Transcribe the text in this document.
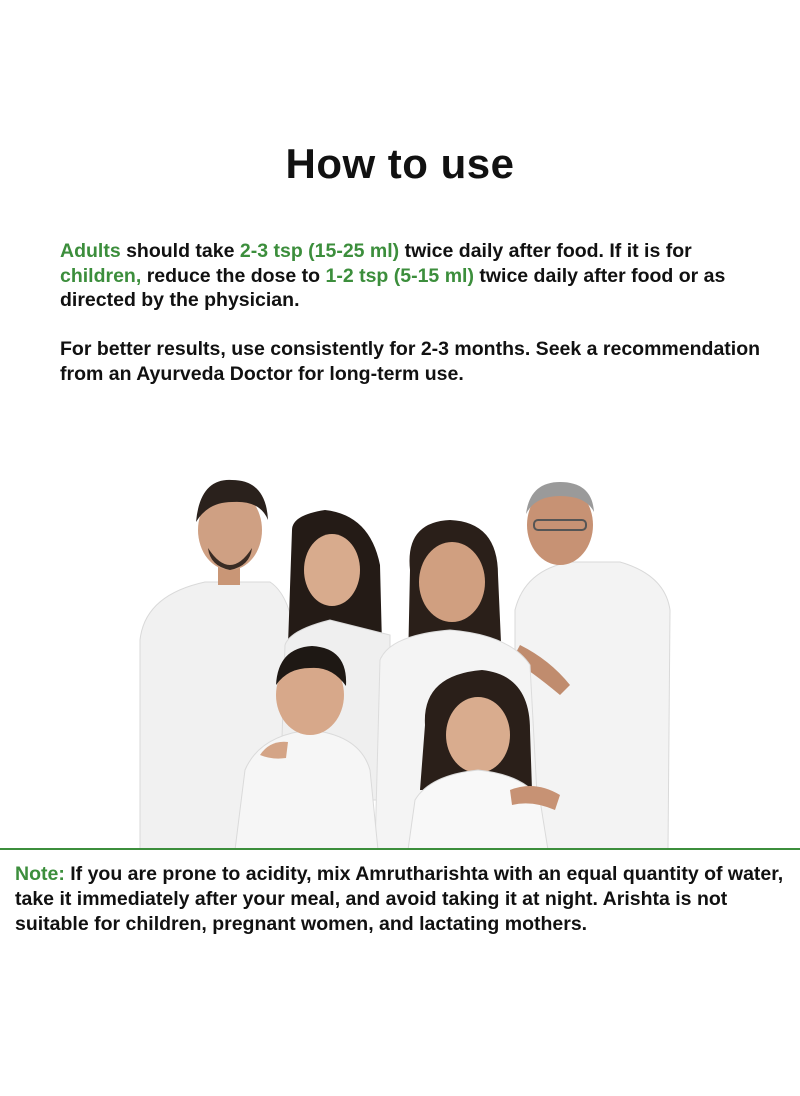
How to use

Adults should take 2-3 tsp (15-25 ml) twice daily after food. If it is for children, reduce the dose to 1-2 tsp (5-15 ml) twice daily after food or as directed by the physician.

For better results, use consistently for 2-3 months. Seek a recommendation from an Ayurveda Doctor for long-term use.

Note: If you are prone to acidity, mix Amrutharishta with an equal quantity of water, take it immediately after your meal, and avoid taking it at night. Arishta is not suitable for children, pregnant women, and lactating mothers.
